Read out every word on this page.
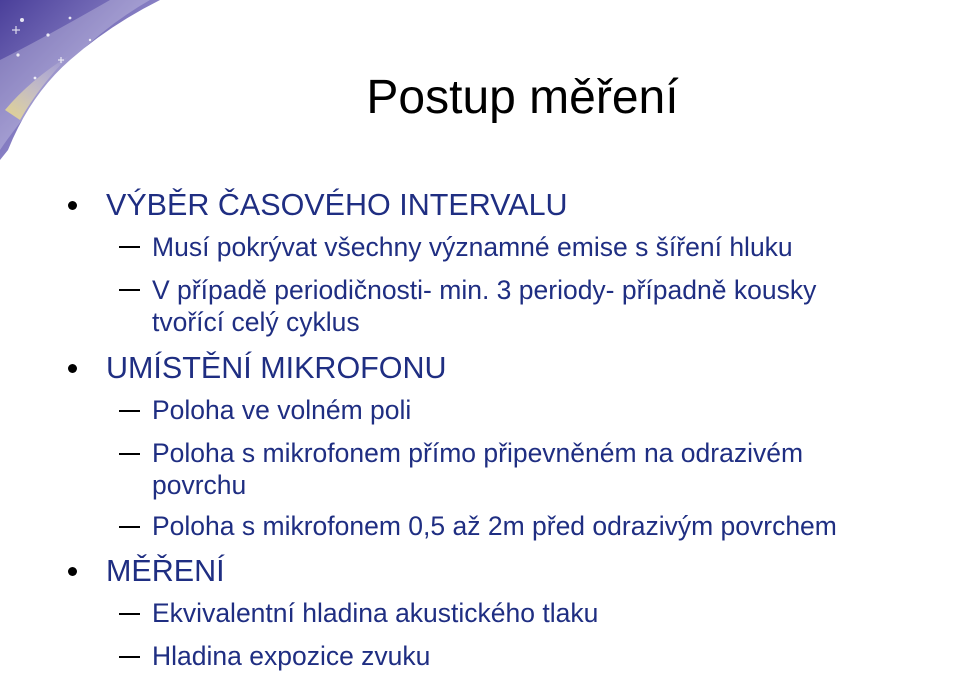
Postup měření
VÝBĚR ČASOVÉHO INTERVALU
Musí pokrývat všechny významné emise s šíření hluku
V případě periodičnosti- min. 3 periody- případně kousky
tvořící celý cyklus
UMÍSTĚNÍ MIKROFONU
Poloha ve volném poli
Poloha s mikrofonem přímo připevněném na odrazivém
povrchu
Poloha s mikrofonem 0,5 až 2m před odrazivým povrchem
MĚŘENÍ
Ekvivalentní hladina akustického tlaku
Hladina expozice zvuku
